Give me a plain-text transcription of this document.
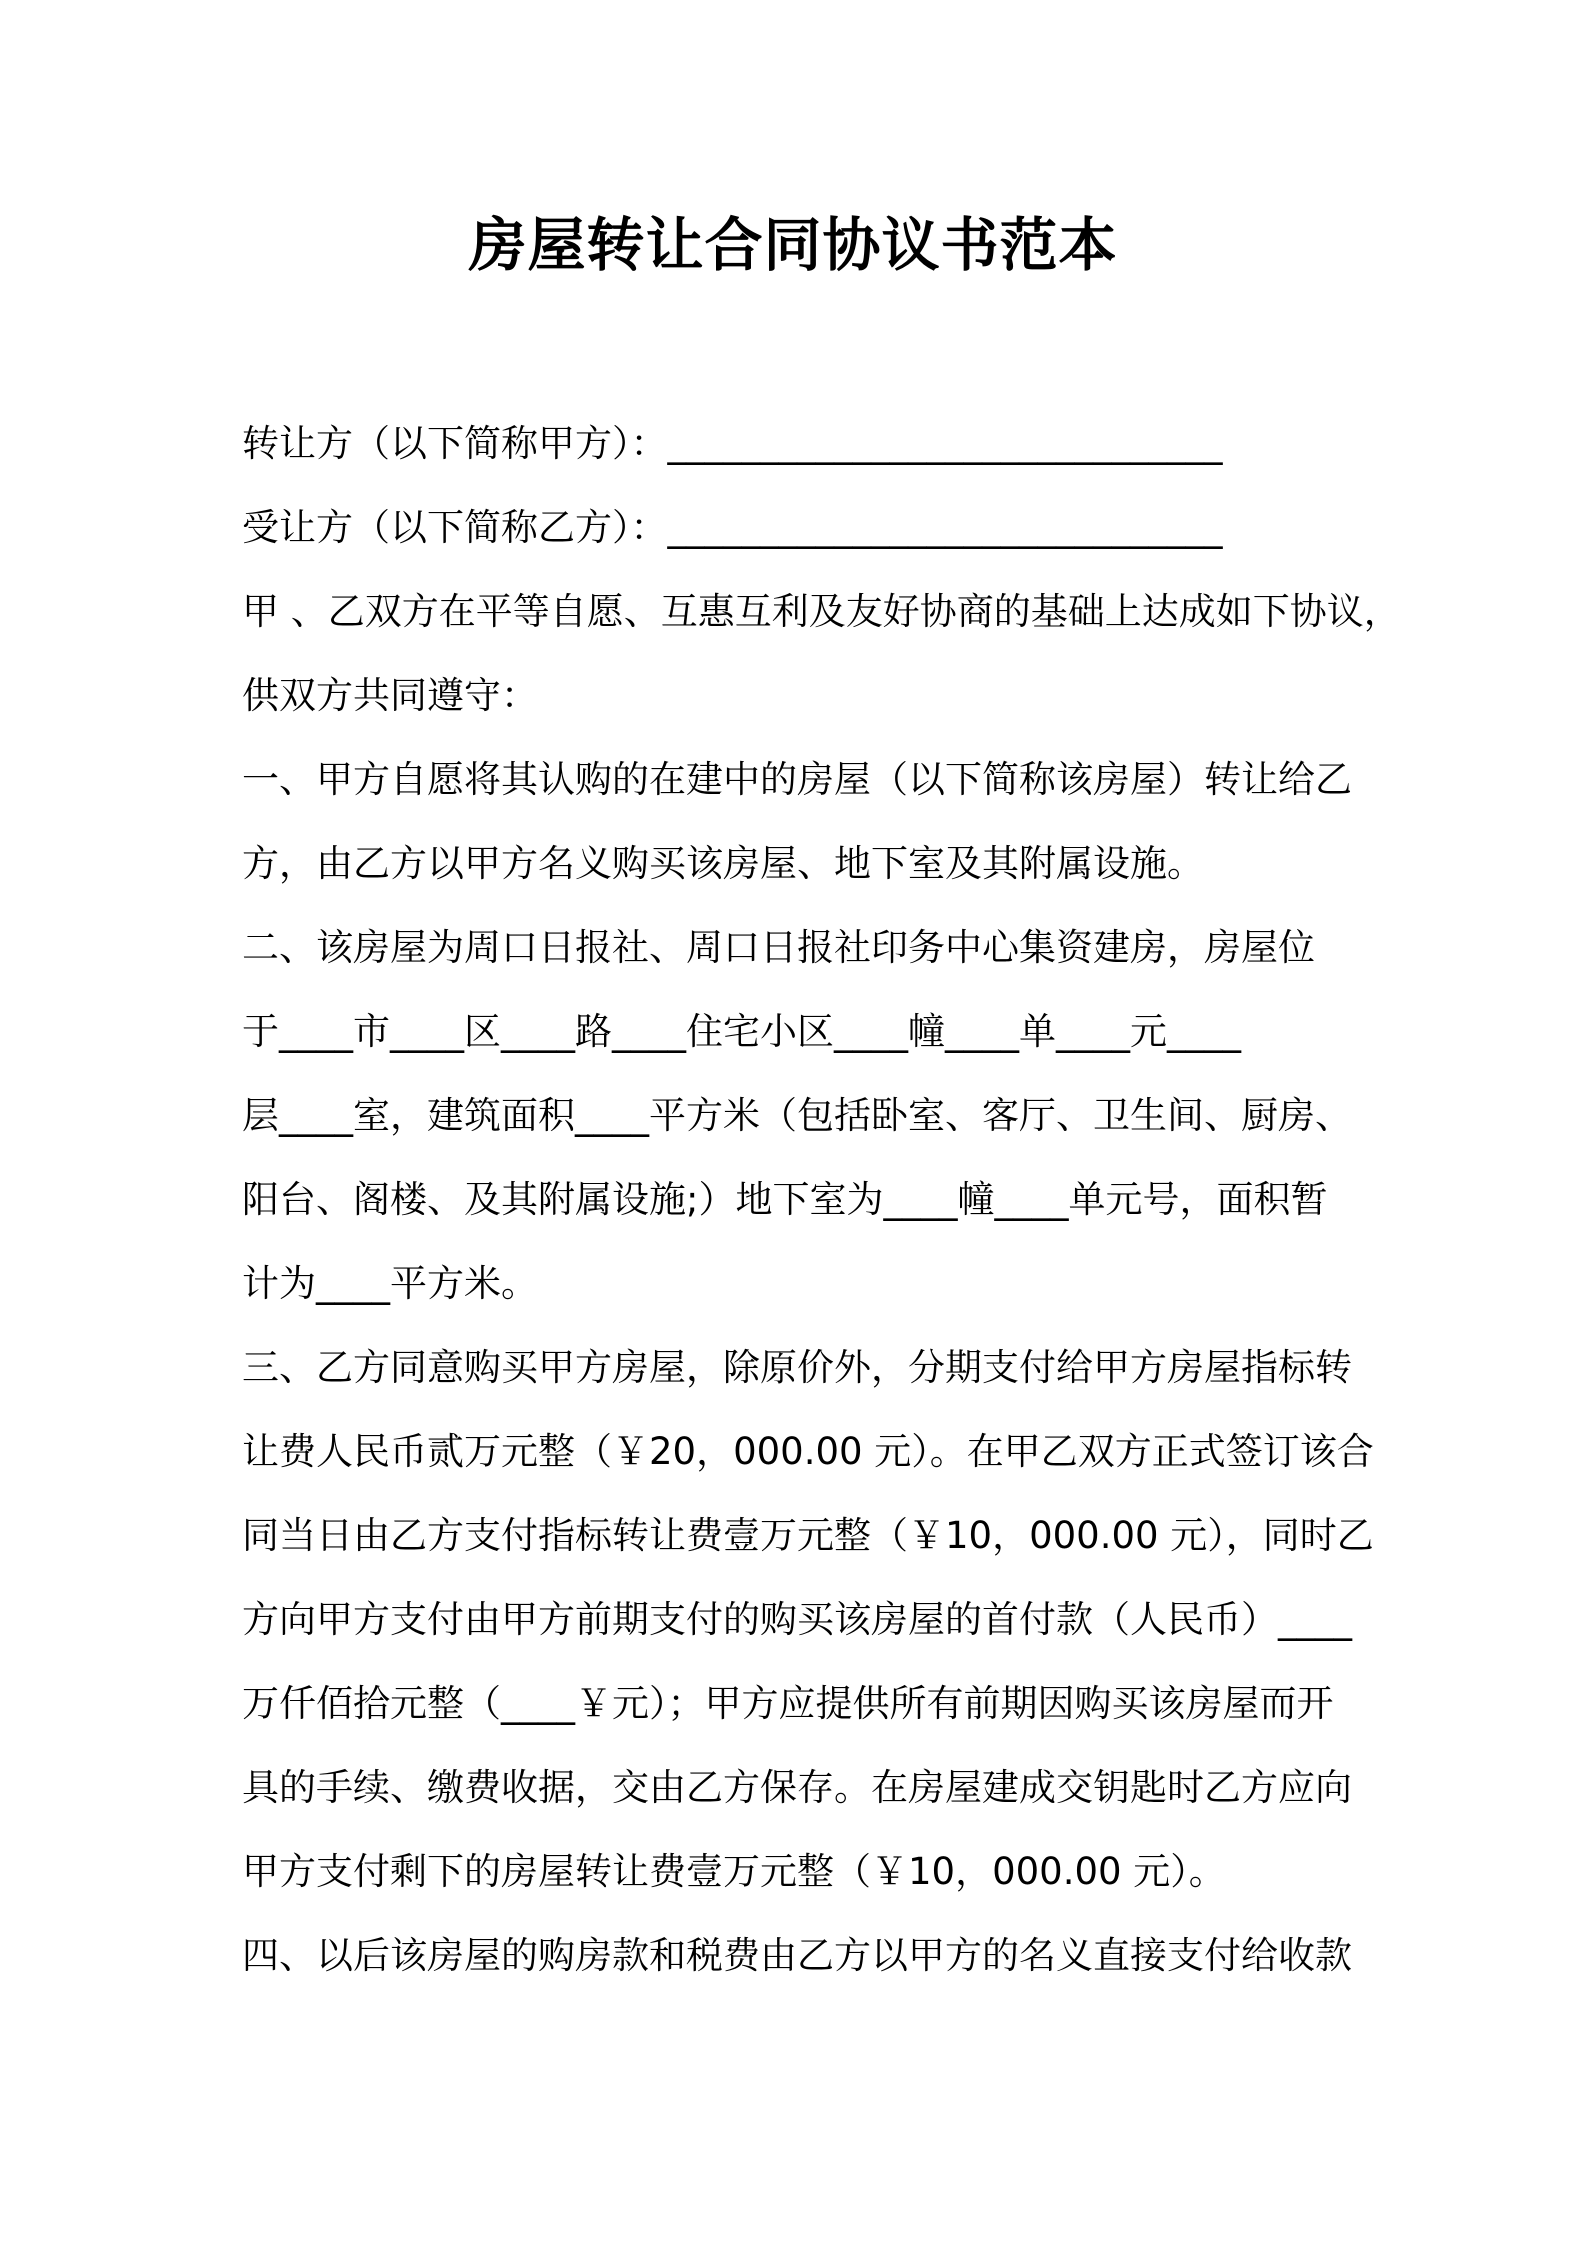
房屋转让合同协议书范本
转让方（以下简称甲方）：______________________________
受让方（以下简称乙方）：______________________________
甲 、乙双方在平等自愿、互惠互利及友好协商的基础上达成如下协议，
供双方共同遵守：
一、甲方自愿将其认购的在建中的房屋（以下简称该房屋）转让给乙
方，由乙方以甲方名义购买该房屋、地下室及其附属设施。
二、该房屋为周口日报社、周口日报社印务中心集资建房，房屋位
于____市____区____路____住宅小区____幢____单____元____
层____室，建筑面积____平方米（包括卧室、客厅、卫生间、厨房、
阳台、阁楼、及其附属设施;）地下室为____幢____单元号，面积暂
计为____平方米。
三、乙方同意购买甲方房屋，除原价外，分期支付给甲方房屋指标转
让费人民币贰万元整（￥20，000.00 元）。在甲乙双方正式签订该合
同当日由乙方支付指标转让费壹万元整（￥10，000.00 元），同时乙
方向甲方支付由甲方前期支付的购买该房屋的首付款（人民币）____
万仟佰拾元整（____￥元）；甲方应提供所有前期因购买该房屋而开
具的手续、缴费收据，交由乙方保存。在房屋建成交钥匙时乙方应向
甲方支付剩下的房屋转让费壹万元整（￥10，000.00 元）。
四、以后该房屋的购房款和税费由乙方以甲方的名义直接支付给收款
